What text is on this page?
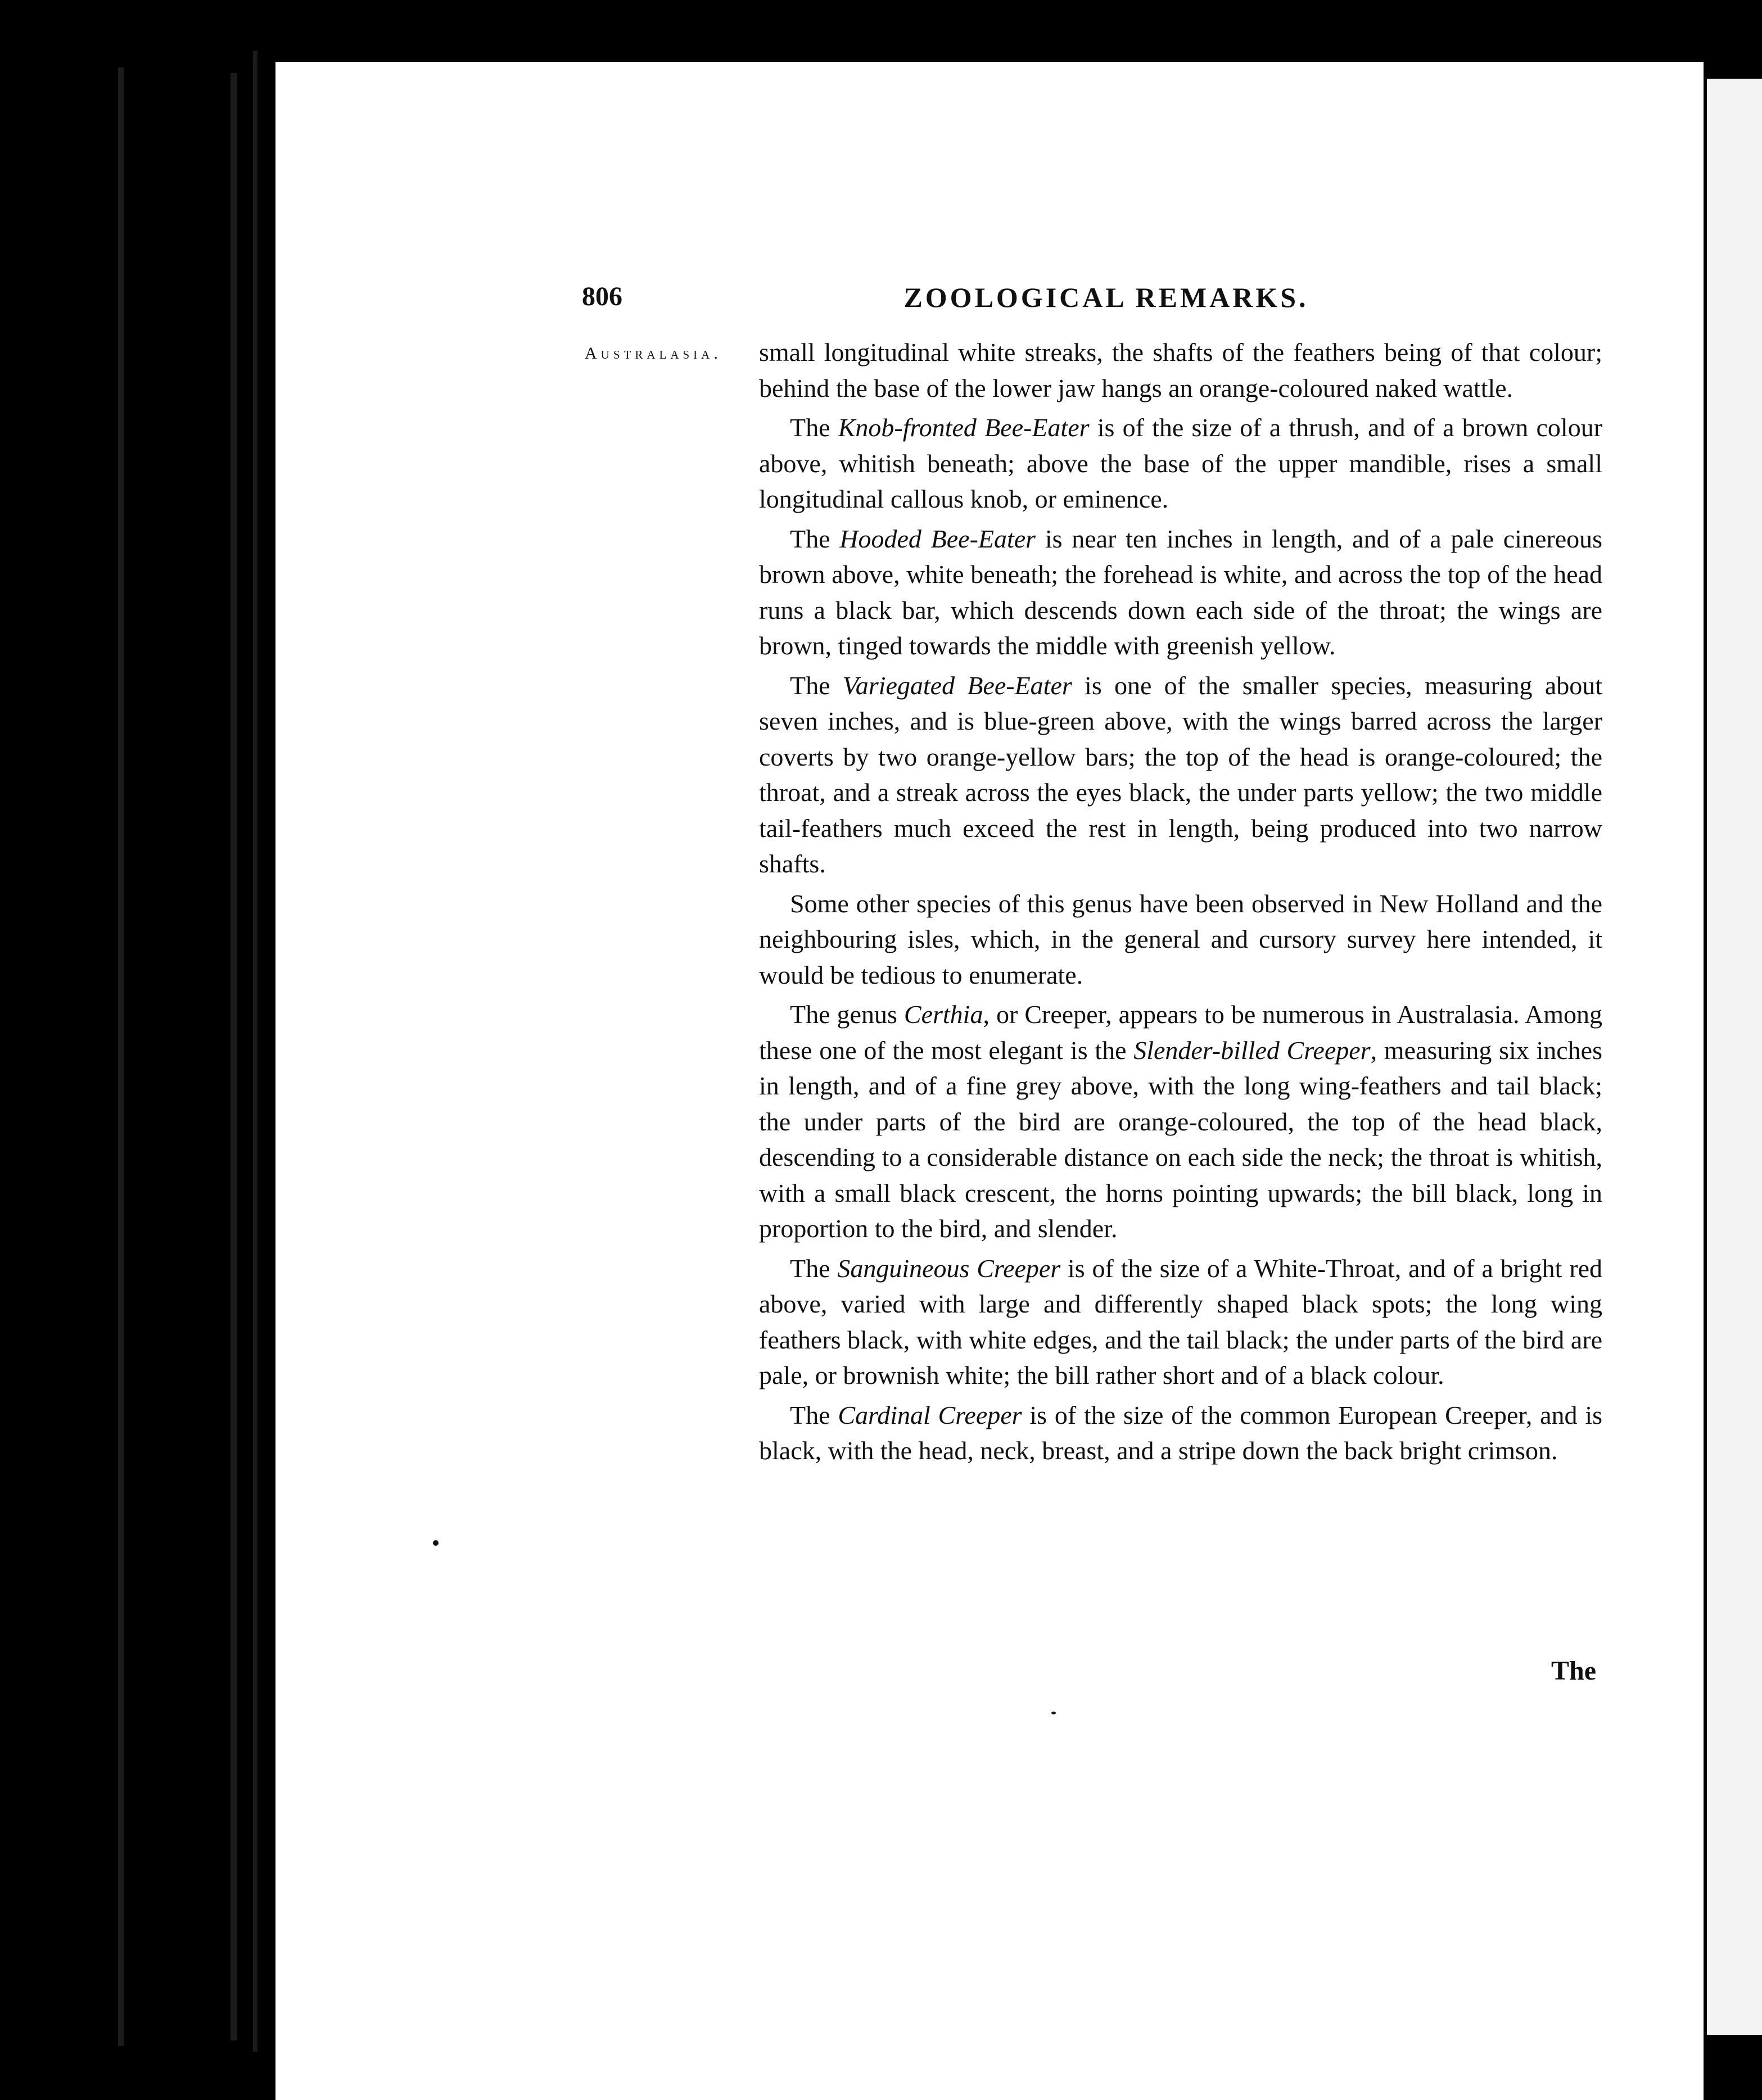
806	ZOOLOGICAL REMARKS.
Australasia. small longitudinal white streaks, the shafts of the feathers being of that colour; behind the base of the lower jaw hangs an orange-coloured naked wattle.

The Knob-fronted Bee-Eater is of the size of a thrush, and of a brown colour above, whitish beneath; above the base of the upper mandible, rises a small longitudinal callous knob, or eminence.

The Hooded Bee-Eater is near ten inches in length, and of a pale cinereous brown above, white beneath; the forehead is white, and across the top of the head runs a black bar, which descends down each side of the throat; the wings are brown, tinged towards the middle with greenish yellow.

The Variegated Bee-Eater is one of the smaller species, measuring about seven inches, and is blue-green above, with the wings barred across the larger coverts by two orange-yellow bars; the top of the head is orange-coloured; the throat, and a streak across the eyes black, the under parts yellow; the two middle tail-feathers much exceed the rest in length, being produced into two narrow shafts.

Some other species of this genus have been observed in New Holland and the neighbouring isles, which, in the general and cursory survey here intended, it would be tedious to enumerate.

The genus Certhia, or Creeper, appears to be numerous in Australasia. Among these one of the most elegant is the Slender-billed Creeper, measuring six inches in length, and of a fine grey above, with the long wing-feathers and tail black; the under parts of the bird are orange-coloured, the top of the head black, descending to a considerable distance on each side the neck; the throat is whitish, with a small black crescent, the horns pointing upwards; the bill black, long in proportion to the bird, and slender.

The Sanguineous Creeper is of the size of a White-Throat, and of a bright red above, varied with large and differently shaped black spots; the long wing feathers black, with white edges, and the tail black; the under parts of the bird are pale, or brownish white; the bill rather short and of a black colour.

The Cardinal Creeper is of the size of the common European Creeper, and is black, with the head, neck, breast, and a stripe down the back bright crimson.

The
